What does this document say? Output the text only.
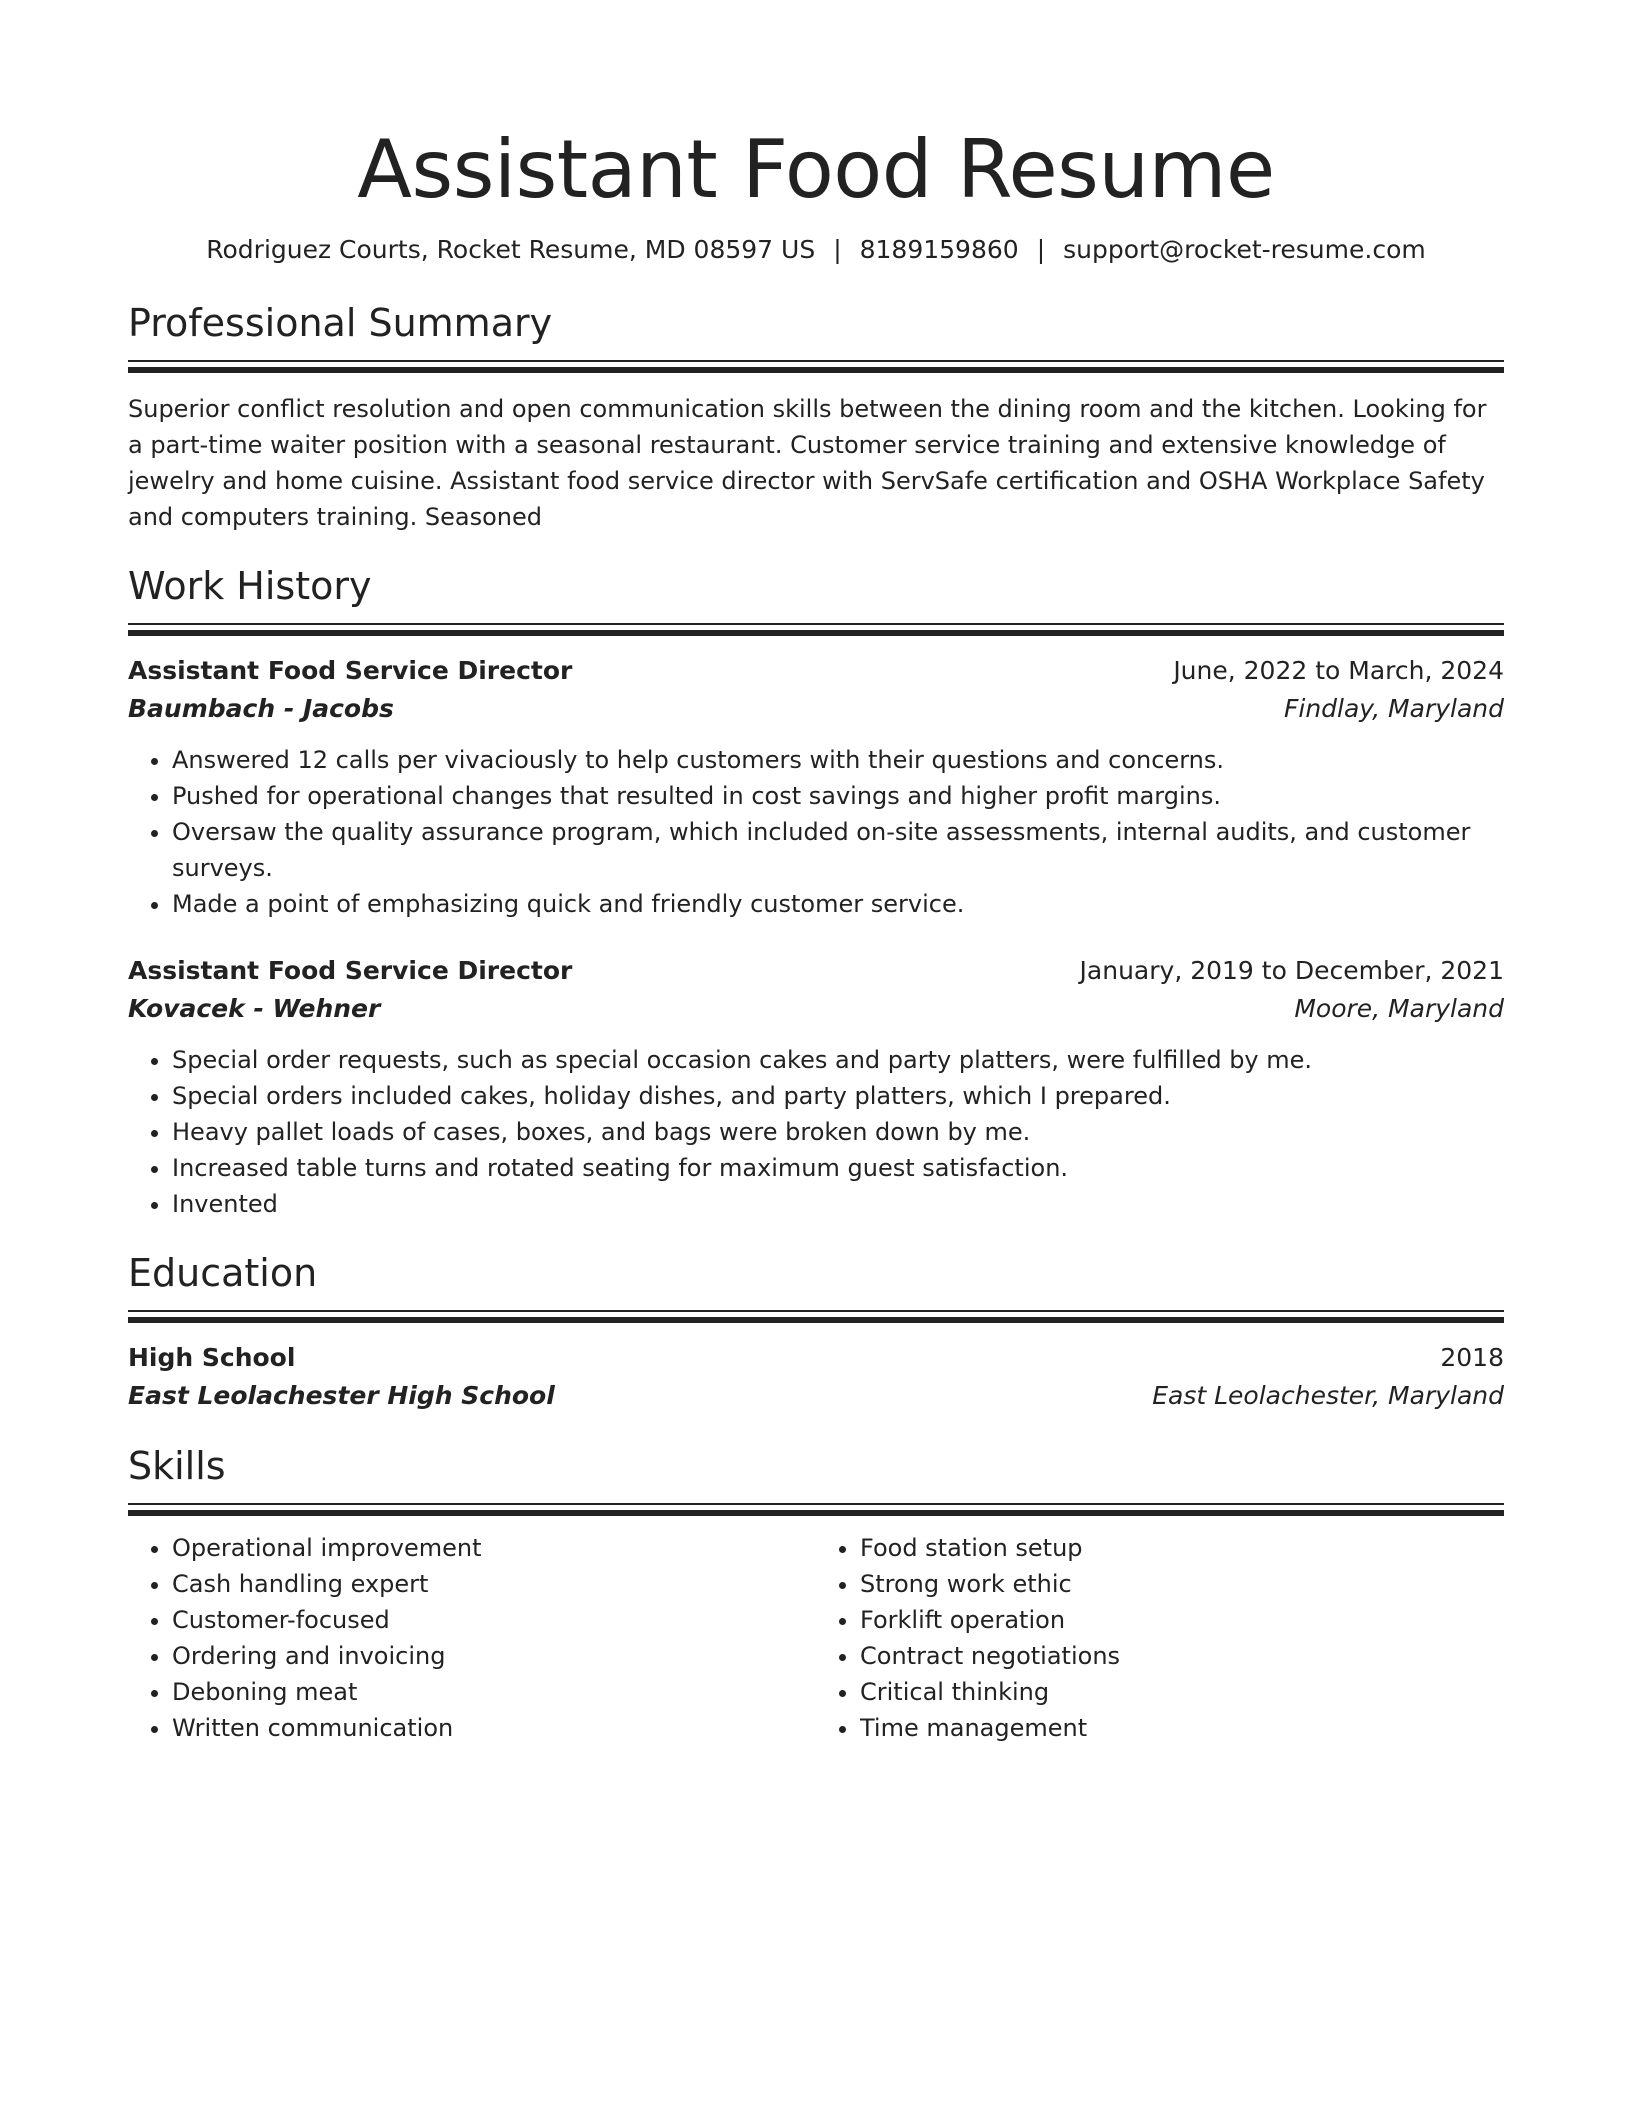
Assistant Food Resume
Rodriguez Courts, Rocket Resume, MD 08597 US | 8189159860 | support@rocket-resume.com
Professional Summary
Superior conflict resolution and open communication skills between the dining room and the kitchen. Looking for a part-time waiter position with a seasonal restaurant. Customer service training and extensive knowledge of jewelry and home cuisine. Assistant food service director with ServSafe certification and OSHA Workplace Safety and computers training. Seasoned
Work History
Assistant Food Service Director	June, 2022 to March, 2024
Baumbach - Jacobs	Findlay, Maryland
• Answered 12 calls per vivaciously to help customers with their questions and concerns.
• Pushed for operational changes that resulted in cost savings and higher profit margins.
• Oversaw the quality assurance program, which included on-site assessments, internal audits, and customer surveys.
• Made a point of emphasizing quick and friendly customer service.
Assistant Food Service Director	January, 2019 to December, 2021
Kovacek - Wehner	Moore, Maryland
• Special order requests, such as special occasion cakes and party platters, were fulfilled by me.
• Special orders included cakes, holiday dishes, and party platters, which I prepared.
• Heavy pallet loads of cases, boxes, and bags were broken down by me.
• Increased table turns and rotated seating for maximum guest satisfaction.
• Invented
Education
High School	2018
East Leolachester High School	East Leolachester, Maryland
Skills
• Operational improvement
• Cash handling expert
• Customer-focused
• Ordering and invoicing
• Deboning meat
• Written communication
• Food station setup
• Strong work ethic
• Forklift operation
• Contract negotiations
• Critical thinking
• Time management
